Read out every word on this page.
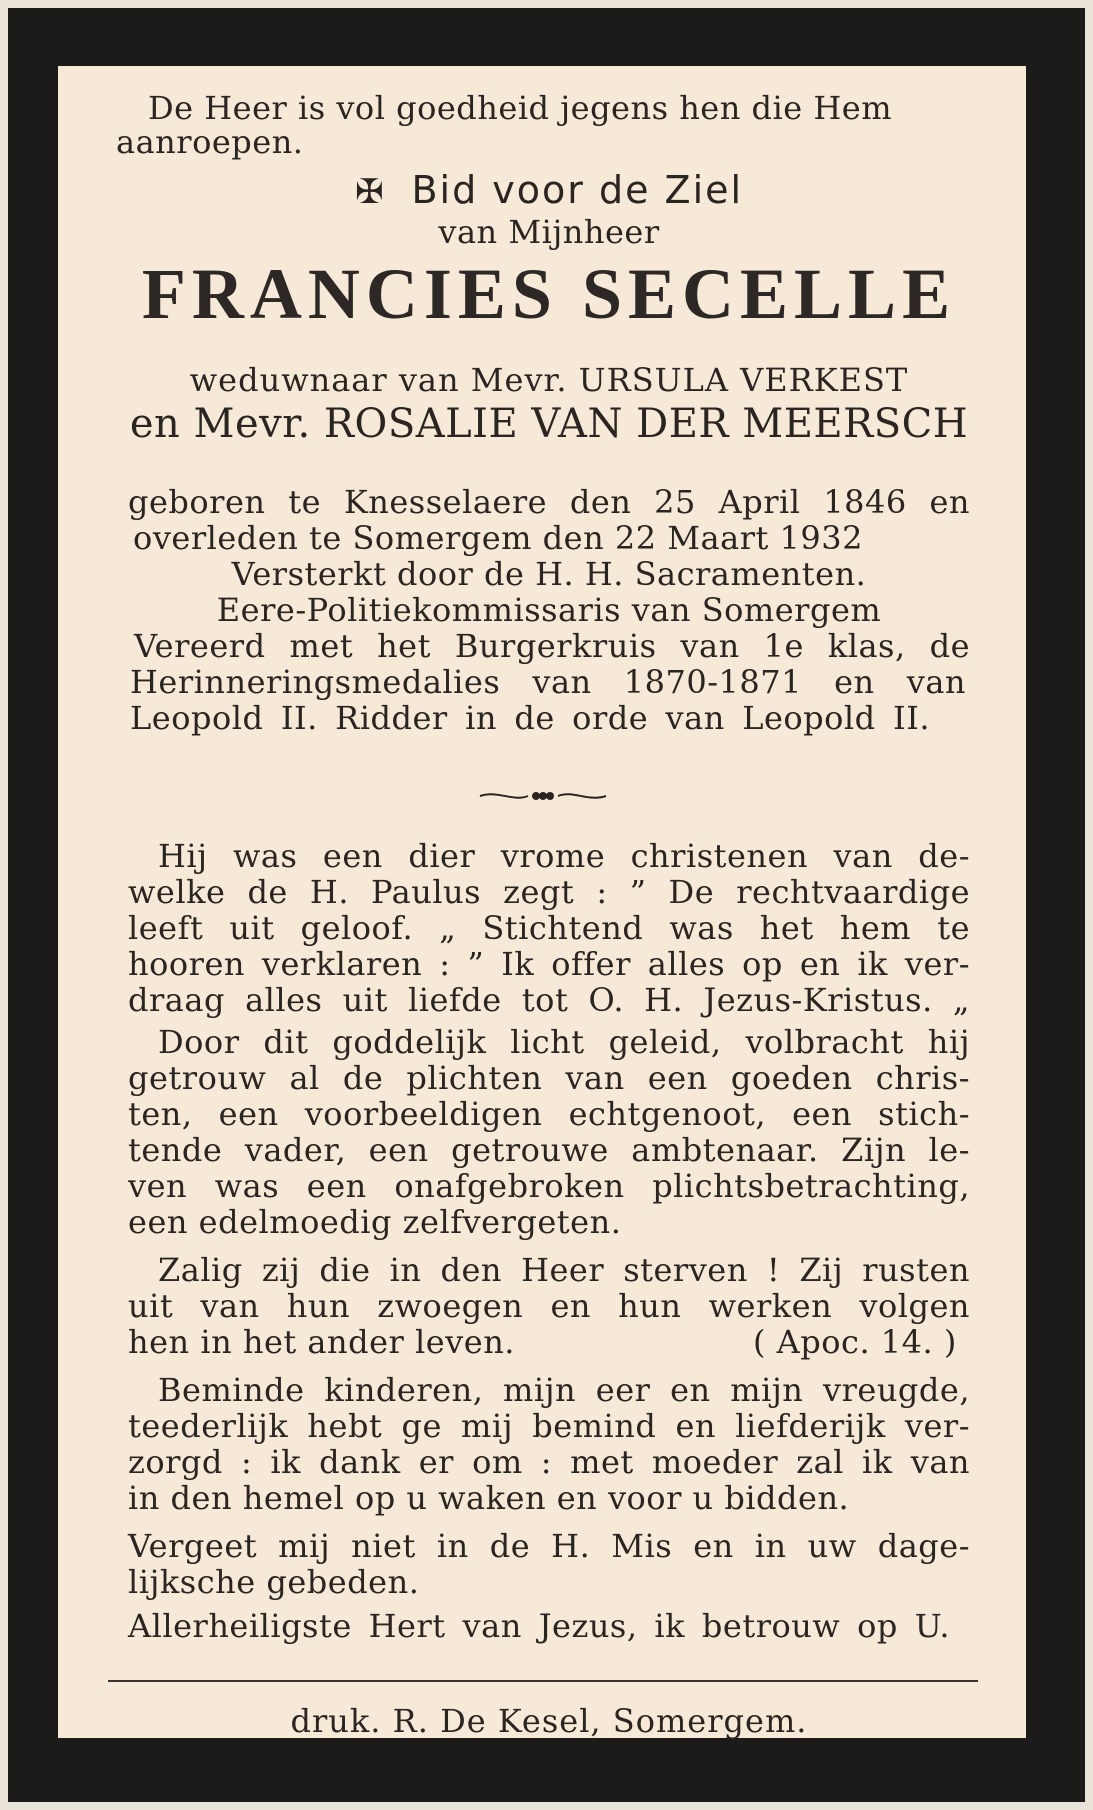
De Heer is vol goedheid jegens hen die Hem
aanroepen.
✠ Bid voor de Ziel
van Mijnheer
FRANCIES SECELLE
weduwnaar van Mevr. URSULA VERKEST
en Mevr. ROSALIE VAN DER MEERSCH
geboren te Knesselaere den 25 April 1846 en
overleden te Somergem den 22 Maart 1932
Versterkt door de H. H. Sacramenten.
Eere-Politiekommissaris van Somergem
Vereerd met het Burgerkruis van 1e klas, de
Herinneringsmedalies van 1870-1871 en van
Leopold II. Ridder in de orde van Leopold II.
Hij was een dier vrome christenen van de-
welke de H. Paulus zegt : ” De rechtvaardige
leeft uit geloof. „ Stichtend was het hem te
hooren verklaren : ” Ik offer alles op en ik ver-
draag alles uit liefde tot O. H. Jezus-Kristus. „
Door dit goddelijk licht geleid, volbracht hij
getrouw al de plichten van een goeden chris-
ten, een voorbeeldigen echtgenoot, een stich-
tende vader, een getrouwe ambtenaar. Zijn le-
ven was een onafgebroken plichtsbetrachting,
een edelmoedig zelfvergeten.
Zalig zij die in den Heer sterven ! Zij rusten
uit van hun zwoegen en hun werken volgen
hen in het ander leven.	( Apoc. 14. )
Beminde kinderen, mijn eer en mijn vreugde,
teederlijk hebt ge mij bemind en liefderijk ver-
zorgd : ik dank er om : met moeder zal ik van
in den hemel op u waken en voor u bidden.
Vergeet mij niet in de H. Mis en in uw dage-
lijksche gebeden.
Allerheiligste Hert van Jezus, ik betrouw op U.
druk. R. De Kesel, Somergem.
